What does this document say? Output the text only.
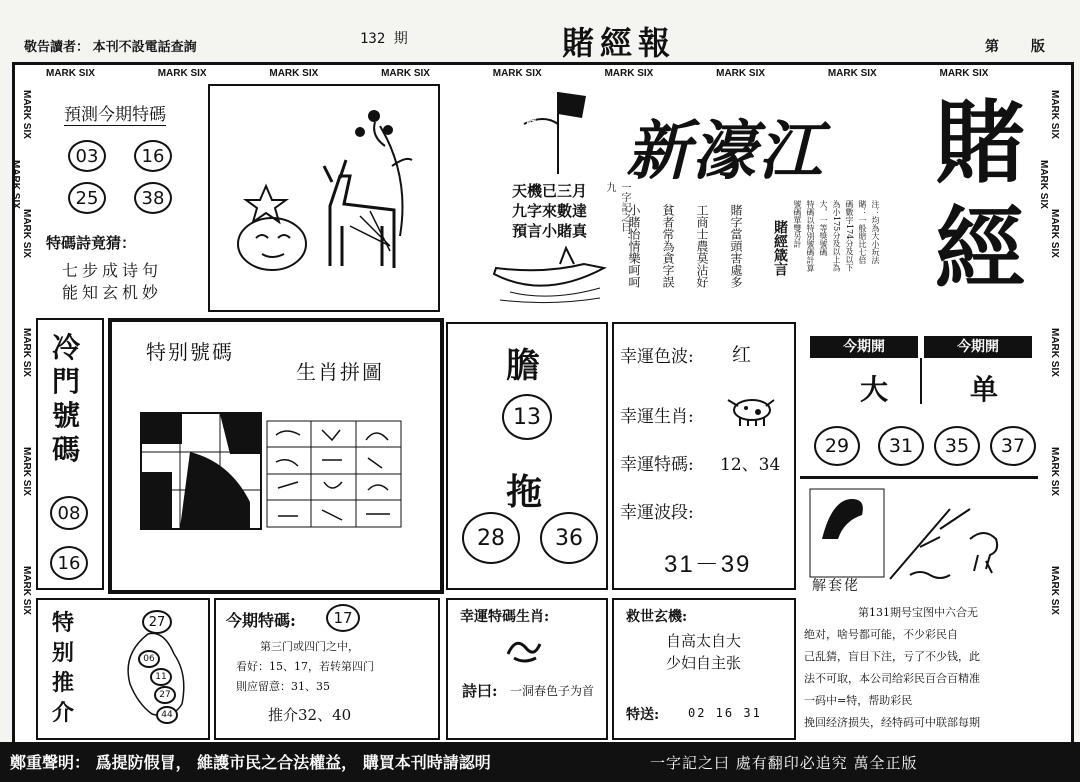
敬告讀者： 本刊不設電話查詢	132 期	賭經報	第 版
MARK SIX	MARK SIX	MARK SIX	MARK SIX	MARK SIX	MARK SIX	MARK SIX	MARK SIX	MARK SIX
MARK SIXMARK SIXMARK SIXMARK SIXMARK SIXMARK SIX
MARK SIXMARK SIXMARK SIXMARK SIXMARK SIXMARK SIX
預測今期特碼
03	16
25	38
特碼詩竟猜：
七步成诗句
能知玄机妙
賭經
天機已三月
九字來數達
預言小賭真	一字記之曰：九
小賭怡情樂呵呵 貧者常為貪字誤 工商士農莫沾好 賭字當頭害處多 賭經箴言
新濠江 賭
經
注：均為大小玩法
賭：一般賠比七倍
碼數字174分及以下
為小175分及以上為
大，一等獎號碼
特碼以特別號碼計算
號碼單雙另計
冷
門
號
碼
08
16
特别號碼
生肖拼圖	膽
13
拖
28	36
幸運色波: 红
幸運生肖:
幸運特碼: 12、34
幸運波段:
31－39
今期開	今期開
大	单
29	31	35	37
解套佬
特
别
推
介
27
06
11
27
44
今期特碼:	17
第三门或四门之中，
看好：15、17，若转第四门
則应留意：31、35
推介32、40
幸運特碼生肖:
詩曰: 一洞春色子为首
救世玄機:
自高太自大
少妇自主张
特送: 02 16 31
第131期号宝图中六合无
绝对，啥号都可能，不少彩民自
己乱猜，盲目下注，亏了不少钱，此
法不可取，本公司给彩民百合百精准
一码中=特，帮助彩民
挽回经济损失，经特码可中联部每期
鄭重聲明： 爲提防假冒， 維護市民之合法權益， 購買本刊時請認明	一字記之曰 處有翻印必追究 萬全正版
